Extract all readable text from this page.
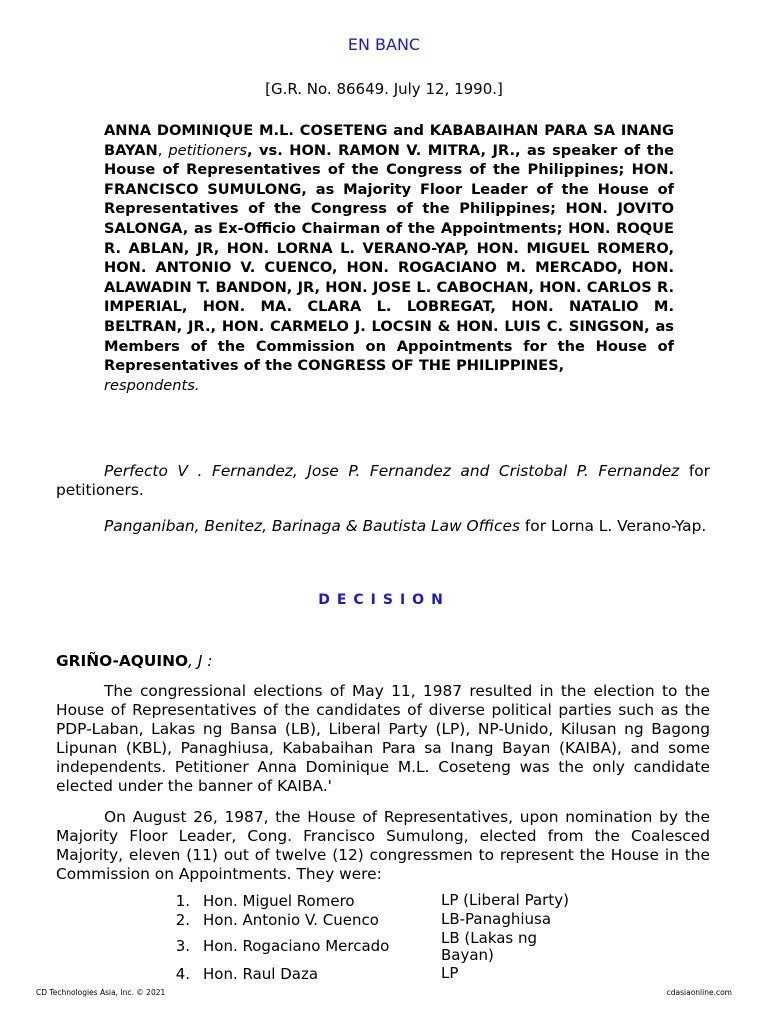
EN BANC
[G.R. No. 86649. July 12, 1990.]
ANNA DOMINIQUE M.L. COSETENG and KABABAIHAN PARA SA INANG BAYAN, petitioners, vs. HON. RAMON V. MITRA, JR., as speaker of the House of Representatives of the Congress of the Philippines; HON. FRANCISCO SUMULONG, as Majority Floor Leader of the House of Representatives of the Congress of the Philippines; HON. JOVITO SALONGA, as Ex-Officio Chairman of the Appointments; HON. ROQUE R. ABLAN, JR, HON. LORNA L. VERANO-YAP, HON. MIGUEL ROMERO, HON. ANTONIO V. CUENCO, HON. ROGACIANO M. MERCADO, HON. ALAWADIN T. BANDON, JR, HON. JOSE L. CABOCHAN, HON. CARLOS R. IMPERIAL, HON. MA. CLARA L. LOBREGAT, HON. NATALIO M. BELTRAN, JR., HON. CARMELO J. LOCSIN & HON. LUIS C. SINGSON, as Members of the Commission on Appointments for the House of Representatives of the CONGRESS OF THE PHILIPPINES,
respondents.
Perfecto V . Fernandez, Jose P. Fernandez and Cristobal P. Fernandez for petitioners.
Panganiban, Benitez, Barinaga & Bautista Law Offices for Lorna L. Verano-Yap.
DECISION
GRIÑO-AQUINO, J :
The congressional elections of May 11, 1987 resulted in the election to the House of Representatives of the candidates of diverse political parties such as the PDP-Laban, Lakas ng Bansa (LB), Liberal Party (LP), NP-Unido, Kilusan ng Bagong Lipunan (KBL), Panaghiusa, Kababaihan Para sa Inang Bayan (KAIBA), and some independents. Petitioner Anna Dominique M.L. Coseteng was the only candidate elected under the banner of KAIBA.'
On August 26, 1987, the House of Representatives, upon nomination by the Majority Floor Leader, Cong. Francisco Sumulong, elected from the Coalesced Majority, eleven (11) out of twelve (12) congressmen to represent the House in the Commission on Appointments. They were:
1. Hon. Miguel Romero	LP (Liberal Party)
2. Hon. Antonio V. Cuenco	LB-Panaghiusa
3. Hon. Rogaciano Mercado	LB (Lakas ng Bayan)
4. Hon. Raul Daza	LP
CD Technologies Asia, Inc. © 2021	cdasiaonline.com
